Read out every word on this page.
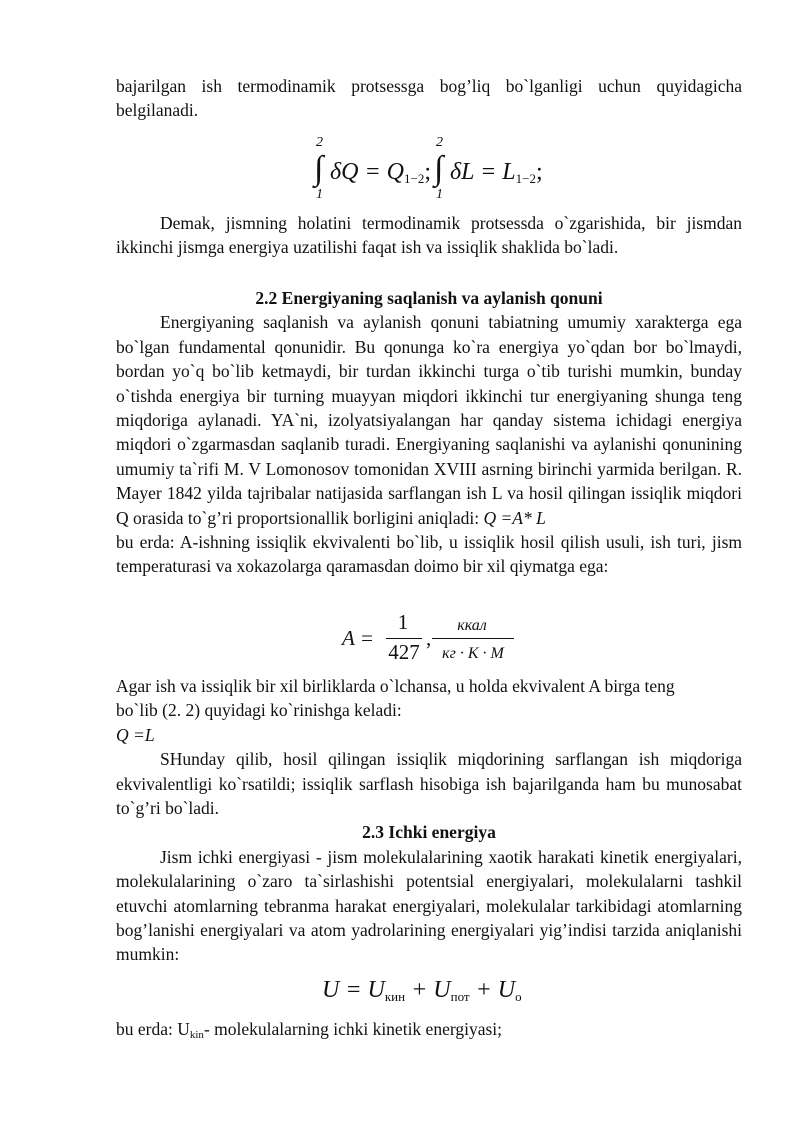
bajarilgan ish termodinamik protsessga bog’liq bo`lganligi uchun quyidagicha belgilanadi.

2
∫
1
$\delta Q = Q_{1-2}$;
2
∫
1
$\delta L = L_{1-2}$;

Demak, jismning holatini termodinamik protsessda o`zgarishida, bir jismdan ikkinchi jismga energiya uzatilishi faqat ish va issiqlik shaklida bo`ladi.

2.2 Energiyaning saqlanish va aylanish qonuni

Energiyaning saqlanish va aylanish qonuni tabiatning umumiy xarakterga ega bo`lgan fundamental qonunidir. Bu qonunga ko`ra energiya yo`qdan bor bo`lmaydi, bordan yo`q bo`lib ketmaydi, bir turdan ikkinchi turga o`tib turishi mumkin, bunday o`tishda energiya bir turning muayyan miqdori ikkinchi tur energiyaning shunga teng miqdoriga aylanadi. YA`ni, izolyatsiyalangan har qanday sistema ichidagi energiya miqdori o`zgarmasdan saqlanib turadi. Energiyaning saqlanishi va aylanishi qonunining umumiy ta`rifi M. V Lomonosov tomonidan XVIII asrning birinchi yarmida berilgan. R. Mayer 1842 yilda tajribalar natijasida sarflangan ish L va hosil qilingan issiqlik miqdori Q orasida to`g’ri proportsionallik borligini aniqladi: Q =A* L

bu erda: A-ishning issiqlik ekvivalenti bo`lib, u issiqlik hosil qilish usuli, ish turi, jism temperaturasi va xokazolarga qaramasdan doimo bir xil qiymatga ega:

A =
1
427
,
ккал
кг · К · М

Agar ish va issiqlik bir xil birliklarda o`lchansa, u holda ekvivalent A birga teng

bo`lib (2. 2) quyidagi ko`rinishga keladi:

Q =L

SHunday qilib, hosil qilingan issiqlik miqdorining sarflangan ish miqdoriga ekvivalentligi ko`rsatildi; issiqlik sarflash hisobiga ish bajarilganda ham bu munosabat to`g’ri bo`ladi.

2.3 Ichki energiya

Jism ichki energiyasi - jism molekulalarining xaotik harakati kinetik energiyalari, molekulalarining o`zaro ta`sirlashishi potentsial energiyalari, molekulalarni tashkil etuvchi atomlarning tebranma harakat energiyalari, molekulalar tarkibidagi atomlarning bog’lanishi energiyalari va atom yadrolarining energiyalari yig’indisi tarzida aniqlanishi mumkin:

$U = U_{кин} + U_{пот} + U_o$

bu erda: Ukin- molekulalarning ichki kinetik energiyasi;
